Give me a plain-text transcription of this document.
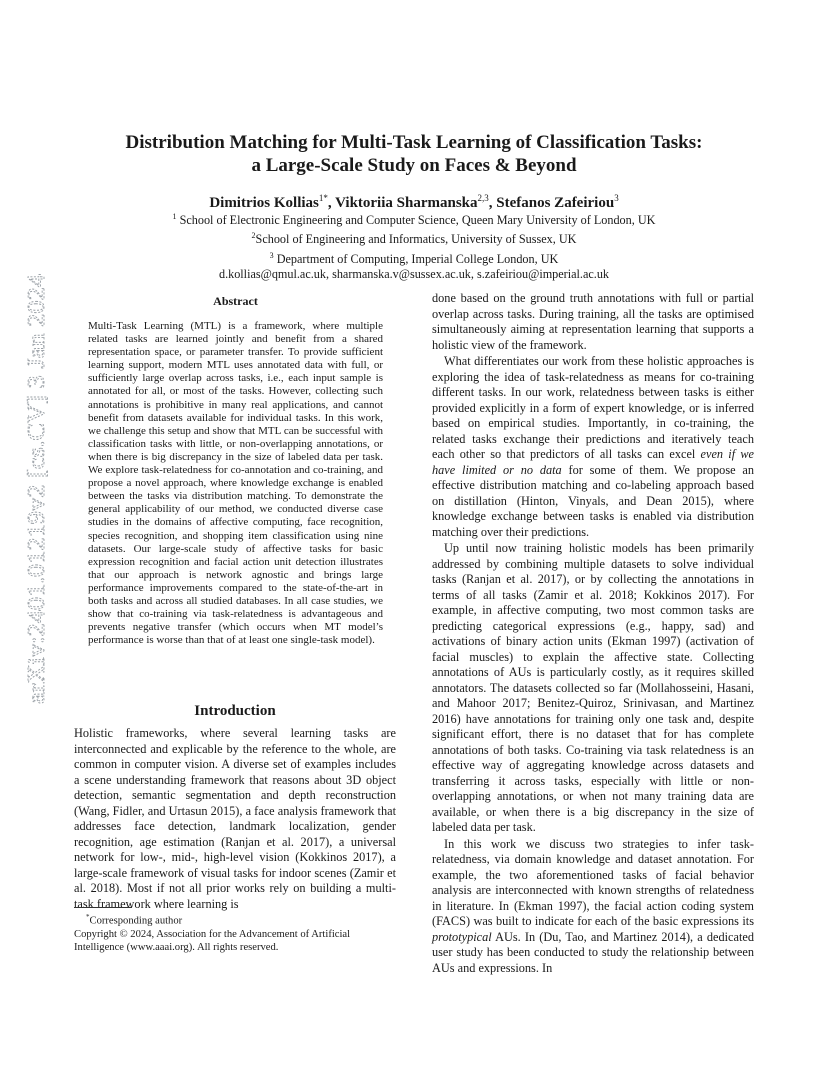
arXiv:2401.01219v2 [cs.CV] 3 Jan 2024
Distribution Matching for Multi-Task Learning of Classification Tasks:
a Large-Scale Study on Faces & Beyond
Dimitrios Kollias$^{1*}$, Viktoriia Sharmanska$^{2,3}$, Stefanos Zafeiriou$^3$
$^1$ School of Electronic Engineering and Computer Science, Queen Mary University of London, UK
$^2$School of Engineering and Informatics, University of Sussex, UK
$^3$ Department of Computing, Imperial College London, UK
d.kollias@qmul.ac.uk, sharmanska.v@sussex.ac.uk, s.zafeiriou@imperial.ac.uk
Abstract

Multi-Task Learning (MTL) is a framework, where multiple related tasks are learned jointly and benefit from a shared representation space, or parameter transfer. To provide sufficient learning support, modern MTL uses annotated data with full, or sufficiently large overlap across tasks, i.e., each input sample is annotated for all, or most of the tasks. However, collecting such annotations is prohibitive in many real applications, and cannot benefit from datasets available for individual tasks. In this work, we challenge this setup and show that MTL can be successful with classification tasks with little, or non-overlapping annotations, or when there is big discrepancy in the size of labeled data per task. We explore task-relatedness for co-annotation and co-training, and propose a novel approach, where knowledge exchange is enabled between the tasks via distribution matching. To demonstrate the general applicability of our method, we conducted diverse case studies in the domains of affective computing, face recognition, species recognition, and shopping item classification using nine datasets. Our large-scale study of affective tasks for basic expression recognition and facial action unit detection illustrates that our approach is network agnostic and brings large performance improvements compared to the state-of-the-art in both tasks and across all studied databases. In all case studies, we show that co-training via task-relatedness is advantageous and prevents negative transfer (which occurs when MT model’s performance is worse than that of at least one single-task model).

Introduction

Holistic frameworks, where several learning tasks are interconnected and explicable by the reference to the whole, are common in computer vision. A diverse set of examples includes a scene understanding framework that reasons about 3D object detection, semantic segmentation and depth reconstruction (Wang, Fidler, and Urtasun 2015), a face analysis framework that addresses face detection, landmark localization, gender recognition, age estimation (Ranjan et al. 2017), a universal network for low-, mid-, high-level vision (Kokkinos 2017), a large-scale framework of visual tasks for indoor scenes (Zamir et al. 2018). Most if not all prior works rely on building a multi-task framework where learning is

*Corresponding author
Copyright © 2024, Association for the Advancement of Artificial Intelligence (www.aaai.org). All rights reserved.

done based on the ground truth annotations with full or partial overlap across tasks. During training, all the tasks are optimised simultaneously aiming at representation learning that supports a holistic view of the framework.

What differentiates our work from these holistic approaches is exploring the idea of task-relatedness as means for co-training different tasks. In our work, relatedness between tasks is either provided explicitly in a form of expert knowledge, or is inferred based on empirical studies. Importantly, in co-training, the related tasks exchange their predictions and iteratively teach each other so that predictors of all tasks can excel even if we have limited or no data for some of them. We propose an effective distribution matching and co-labeling approach based on distillation (Hinton, Vinyals, and Dean 2015), where knowledge exchange between tasks is enabled via distribution matching over their predictions.

Up until now training holistic models has been primarily addressed by combining multiple datasets to solve individual tasks (Ranjan et al. 2017), or by collecting the annotations in terms of all tasks (Zamir et al. 2018; Kokkinos 2017). For example, in affective computing, two most common tasks are predicting categorical expressions (e.g., happy, sad) and activations of binary action units (Ekman 1997) (activation of facial muscles) to explain the affective state. Collecting annotations of AUs is particularly costly, as it requires skilled annotators. The datasets collected so far (Mollahosseini, Hasani, and Mahoor 2017; Benitez-Quiroz, Srinivasan, and Martinez 2016) have annotations for training only one task and, despite significant effort, there is no dataset that for has complete annotations of both tasks. Co-training via task relatedness is an effective way of aggregating knowledge across datasets and transferring it across tasks, especially with little or non-overlapping annotations, or when not many training data are available, or when there is a big discrepancy in the size of labeled data per task.

In this work we discuss two strategies to infer task-relatedness, via domain knowledge and dataset annotation. For example, the two aforementioned tasks of facial behavior analysis are interconnected with known strengths of relatedness in literature. In (Ekman 1997), the facial action coding system (FACS) was built to indicate for each of the basic expressions its prototypical AUs. In (Du, Tao, and Martinez 2014), a dedicated user study has been conducted to study the relationship between AUs and expressions. In
